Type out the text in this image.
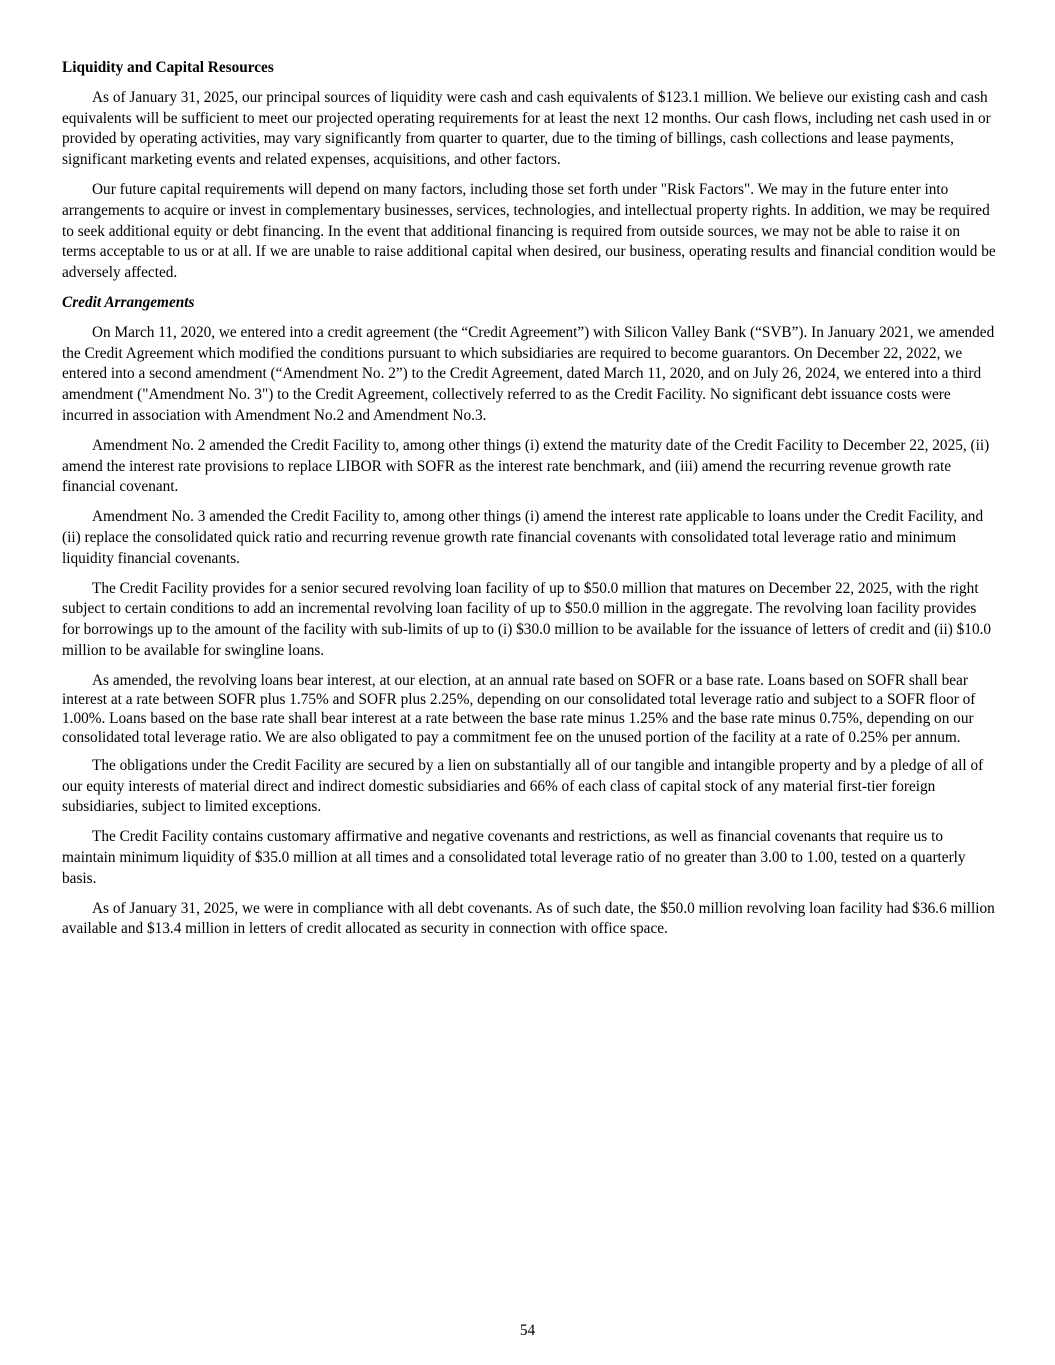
Liquidity and Capital Resources

As of January 31, 2025, our principal sources of liquidity were cash and cash equivalents of $123.1 million. We believe our existing cash and cash equivalents will be sufficient to meet our projected operating requirements for at least the next 12 months. Our cash flows, including net cash used in or provided by operating activities, may vary significantly from quarter to quarter, due to the timing of billings, cash collections and lease payments, significant marketing events and related expenses, acquisitions, and other factors.

Our future capital requirements will depend on many factors, including those set forth under "Risk Factors". We may in the future enter into arrangements to acquire or invest in complementary businesses, services, technologies, and intellectual property rights. In addition, we may be required to seek additional equity or debt financing. In the event that additional financing is required from outside sources, we may not be able to raise it on terms acceptable to us or at all. If we are unable to raise additional capital when desired, our business, operating results and financial condition would be adversely affected.

Credit Arrangements

On March 11, 2020, we entered into a credit agreement (the “Credit Agreement”) with Silicon Valley Bank (“SVB”). In January 2021, we amended the Credit Agreement which modified the conditions pursuant to which subsidiaries are required to become guarantors. On December 22, 2022, we entered into a second amendment (“Amendment No. 2”) to the Credit Agreement, dated March 11, 2020, and on July 26, 2024, we entered into a third amendment ("Amendment No. 3") to the Credit Agreement, collectively referred to as the Credit Facility. No significant debt issuance costs were incurred in association with Amendment No.2 and Amendment No.3.

Amendment No. 2 amended the Credit Facility to, among other things (i) extend the maturity date of the Credit Facility to December 22, 2025, (ii) amend the interest rate provisions to replace LIBOR with SOFR as the interest rate benchmark, and (iii) amend the recurring revenue growth rate financial covenant.

Amendment No. 3 amended the Credit Facility to, among other things (i) amend the interest rate applicable to loans under the Credit Facility, and (ii) replace the consolidated quick ratio and recurring revenue growth rate financial covenants with consolidated total leverage ratio and minimum liquidity financial covenants.

The Credit Facility provides for a senior secured revolving loan facility of up to $50.0 million that matures on December 22, 2025, with the right subject to certain conditions to add an incremental revolving loan facility of up to $50.0 million in the aggregate. The revolving loan facility provides for borrowings up to the amount of the facility with sub-limits of up to (i) $30.0 million to be available for the issuance of letters of credit and (ii) $10.0 million to be available for swingline loans.

As amended, the revolving loans bear interest, at our election, at an annual rate based on SOFR or a base rate. Loans based on SOFR shall bear interest at a rate between SOFR plus 1.75% and SOFR plus 2.25%, depending on our consolidated total leverage ratio and subject to a SOFR floor of 1.00%. Loans based on the base rate shall bear interest at a rate between the base rate minus 1.25% and the base rate minus 0.75%, depending on our consolidated total leverage ratio. We are also obligated to pay a commitment fee on the unused portion of the facility at a rate of 0.25% per annum.

The obligations under the Credit Facility are secured by a lien on substantially all of our tangible and intangible property and by a pledge of all of our equity interests of material direct and indirect domestic subsidiaries and 66% of each class of capital stock of any material first-tier foreign subsidiaries, subject to limited exceptions.

The Credit Facility contains customary affirmative and negative covenants and restrictions, as well as financial covenants that require us to maintain minimum liquidity of $35.0 million at all times and a consolidated total leverage ratio of no greater than 3.00 to 1.00, tested on a quarterly basis.

As of January 31, 2025, we were in compliance with all debt covenants. As of such date, the $50.0 million revolving loan facility had $36.6 million available and $13.4 million in letters of credit allocated as security in connection with office space.

54
